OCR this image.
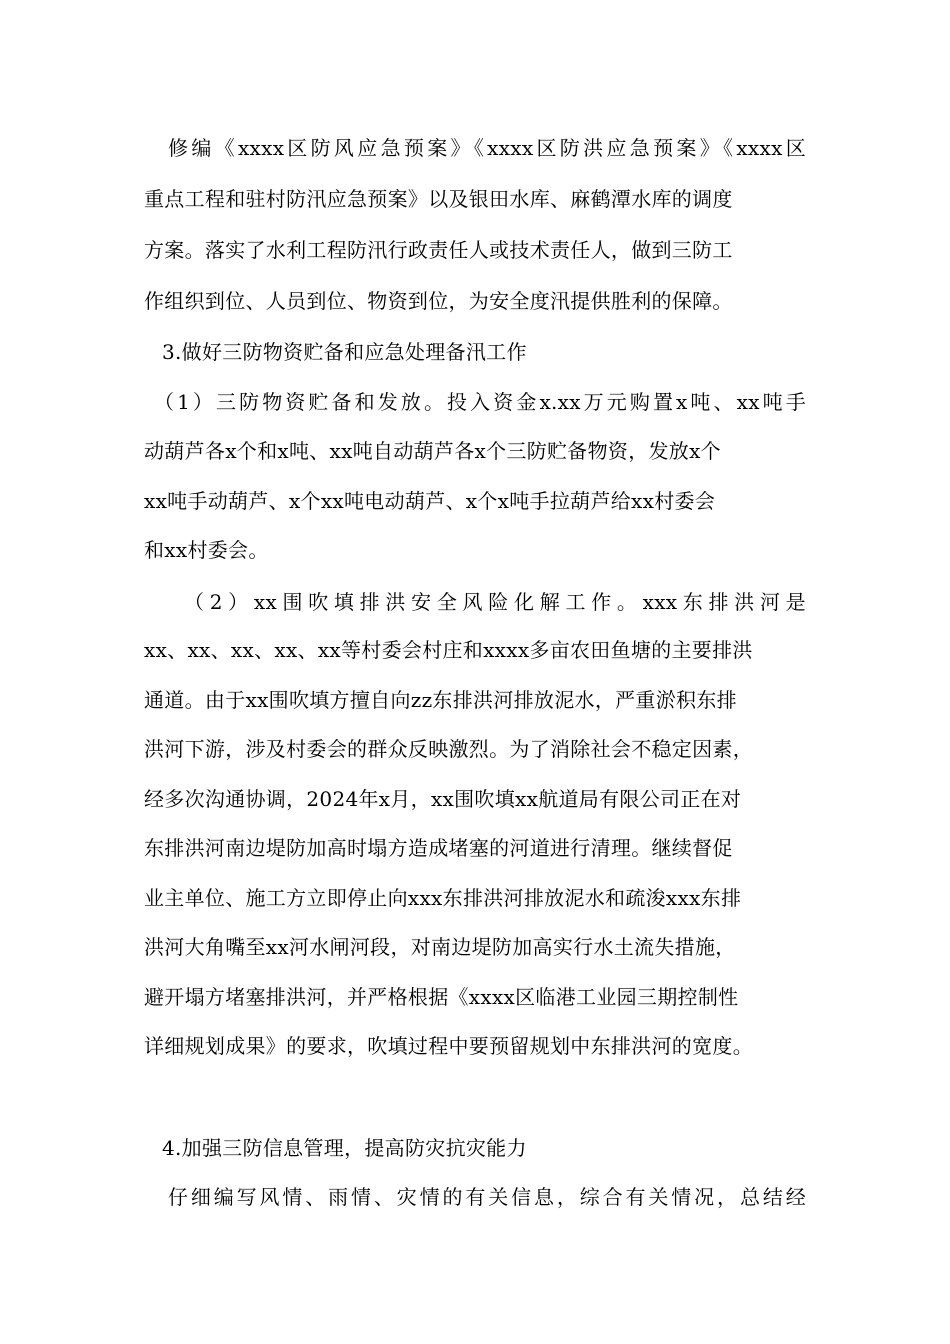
修编《xxxx区防风应急预案》《xxxx区防洪应急预案》《xxxx区
重点工程和驻村防汛应急预案》以及银田水库、麻鹤潭水库的调度
方案。落实了水利工程防汛行政责任人或技术责任人，做到三防工
作组织到位、人员到位、物资到位，为安全度汛提供胜利的保障。
3.做好三防物资贮备和应急处理备汛工作
（1）三防物资贮备和发放。投入资金x.xx万元购置x吨、xx吨手
动葫芦各x个和x吨、xx吨自动葫芦各x个三防贮备物资，发放x个
xx吨手动葫芦、x个xx吨电动葫芦、x个x吨手拉葫芦给xx村委会
和xx村委会。
（2）xx围吹填排洪安全风险化解工作。xxx东排洪河是
xx、xx、xx、xx、xx等村委会村庄和xxxx多亩农田鱼塘的主要排洪
通道。由于xx围吹填方擅自向zz东排洪河排放泥水，严重淤积东排
洪河下游，涉及村委会的群众反映激烈。为了消除社会不稳定因素，
经多次沟通协调，2024年x月，xx围吹填xx航道局有限公司正在对
东排洪河南边堤防加高时塌方造成堵塞的河道进行清理。继续督促
业主单位、施工方立即停止向xxx东排洪河排放泥水和疏浚xxx东排
洪河大角嘴至xx河水闸河段，对南边堤防加高实行水土流失措施，
避开塌方堵塞排洪河，并严格根据《xxxx区临港工业园三期控制性
详细规划成果》的要求，吹填过程中要预留规划中东排洪河的宽度。
4.加强三防信息管理，提高防灾抗灾能力
仔细编写风情、雨情、灾情的有关信息，综合有关情况，总结经
